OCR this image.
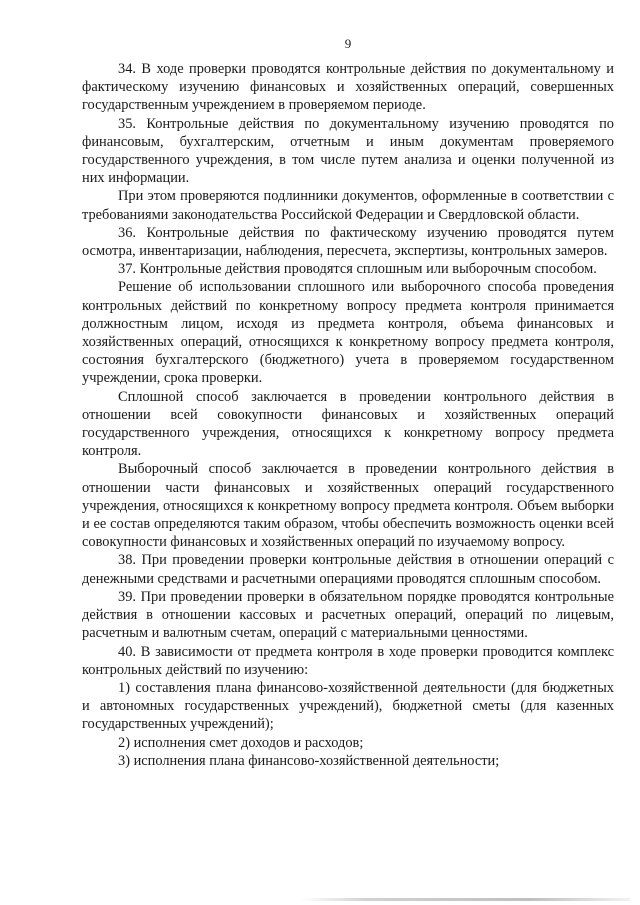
9

34. В ходе проверки проводятся контрольные действия по документальному и фактическому изучению финансовых и хозяйственных операций, совершенных государственным учреждением в проверяемом периоде.

35. Контрольные действия по документальному изучению проводятся по финансовым, бухгалтерским, отчетным и иным документам проверяемого государственного учреждения, в том числе путем анализа и оценки полученной из них информации.

При этом проверяются подлинники документов, оформленные в соответствии с требованиями законодательства Российской Федерации и Свердловской области.

36. Контрольные действия по фактическому изучению проводятся путем осмотра, инвентаризации, наблюдения, пересчета, экспертизы, контрольных замеров.

37. Контрольные действия проводятся сплошным или выборочным способом.

Решение об использовании сплошного или выборочного способа проведения контрольных действий по конкретному вопросу предмета контроля принимается должностным лицом, исходя из предмета контроля, объема финансовых и хозяйственных операций, относящихся к конкретному вопросу предмета контроля, состояния бухгалтерского (бюджетного) учета в проверяемом государственном учреждении, срока проверки.

Сплошной способ заключается в проведении контрольного действия в отношении всей совокупности финансовых и хозяйственных операций государственного учреждения, относящихся к конкретному вопросу предмета контроля.

Выборочный способ заключается в проведении контрольного действия в отношении части финансовых и хозяйственных операций государственного учреждения, относящихся к конкретному вопросу предмета контроля. Объем выборки и ее состав определяются таким образом, чтобы обеспечить возможность оценки всей совокупности финансовых и хозяйственных операций по изучаемому вопросу.

38. При проведении проверки контрольные действия в отношении операций с денежными средствами и расчетными операциями проводятся сплошным способом.

39. При проведении проверки в обязательном порядке проводятся контрольные действия в отношении кассовых и расчетных операций, операций по лицевым, расчетным и валютным счетам, операций с материальными ценностями.

40. В зависимости от предмета контроля в ходе проверки проводится комплекс контрольных действий по изучению:

1) составления плана финансово-хозяйственной деятельности (для бюджетных и автономных государственных учреждений), бюджетной сметы (для казенных государственных учреждений);

2) исполнения смет доходов и расходов;

3) исполнения плана финансово-хозяйственной деятельности;
